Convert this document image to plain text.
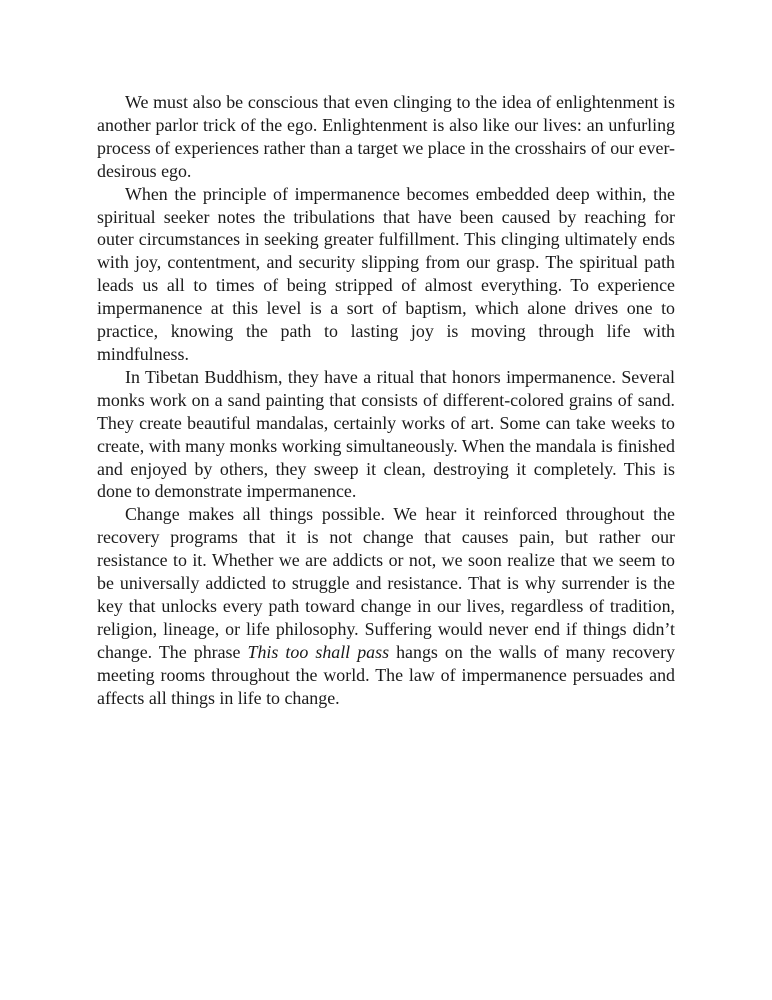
We must also be conscious that even clinging to the idea of enlightenment is another parlor trick of the ego. Enlightenment is also like our lives: an unfurling process of experiences rather than a target we place in the crosshairs of our ever-desirous ego.

When the principle of impermanence becomes embedded deep within, the spiritual seeker notes the tribulations that have been caused by reaching for outer circumstances in seeking greater fulfillment. This clinging ultimately ends with joy, contentment, and security slipping from our grasp. The spiritual path leads us all to times of being stripped of almost everything. To experience impermanence at this level is a sort of baptism, which alone drives one to practice, knowing the path to lasting joy is moving through life with mindfulness.

In Tibetan Buddhism, they have a ritual that honors impermanence. Several monks work on a sand painting that consists of different-colored grains of sand. They create beautiful mandalas, certainly works of art. Some can take weeks to create, with many monks working simultaneously. When the mandala is finished and enjoyed by others, they sweep it clean, destroying it completely. This is done to demonstrate impermanence.

Change makes all things possible. We hear it reinforced throughout the recovery programs that it is not change that causes pain, but rather our resistance to it. Whether we are addicts or not, we soon realize that we seem to be universally addicted to struggle and resistance. That is why surrender is the key that unlocks every path toward change in our lives, regardless of tradition, religion, lineage, or life philosophy. Suffering would never end if things didn’t change. The phrase This too shall pass hangs on the walls of many recovery meeting rooms throughout the world. The law of impermanence persuades and affects all things in life to change.
